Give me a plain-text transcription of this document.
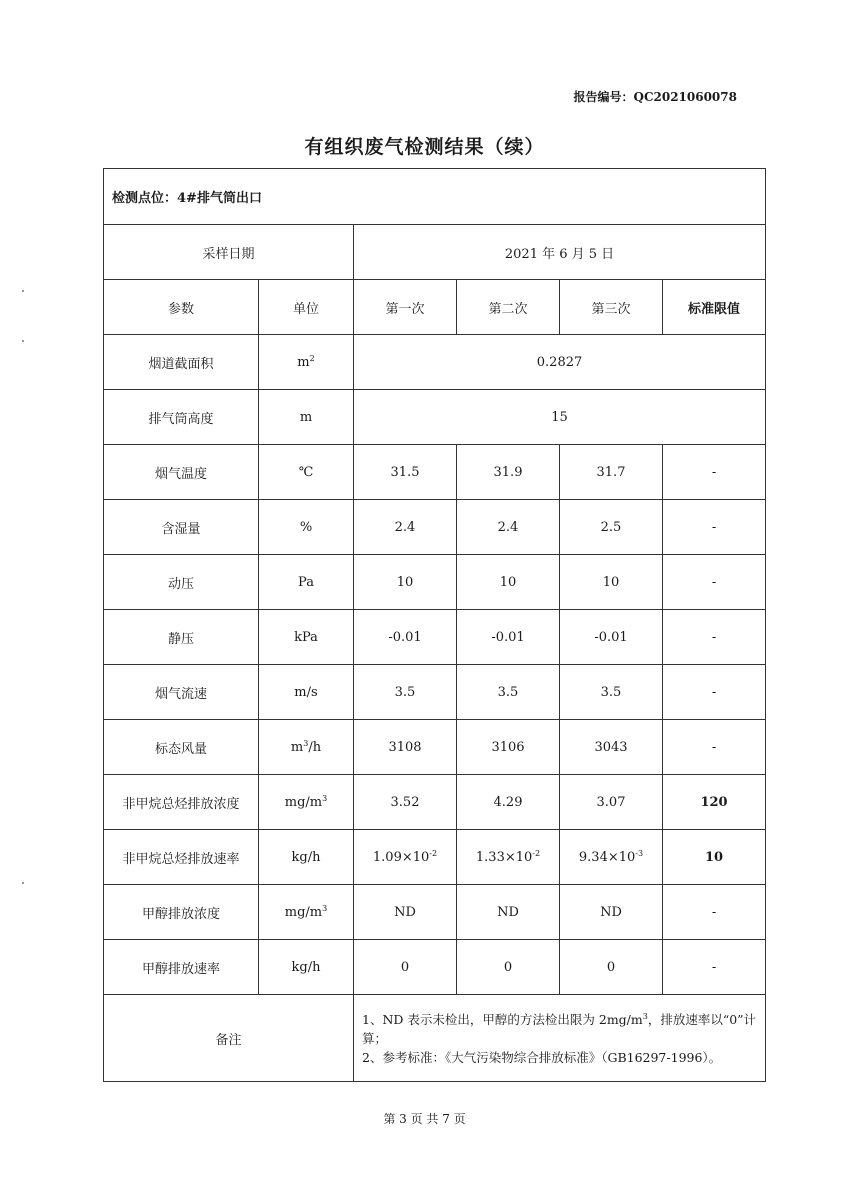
报告编号：QC2021060078
有组织废气检测结果（续）
检测点位：4#排气筒出口					
采样日期		2021 年 6 月 5 日			
参数	单位	第一次	第二次	第三次	标准限值
烟道截面积	$m^2$	0.2827			
排气筒高度	m	15			
烟气温度	℃	31.5	31.9	31.7	-
含湿量	%	2.4	2.4	2.5	-
动压	Pa	10	10	10	-
静压	kPa	-0.01	-0.01	-0.01	-
烟气流速	m/s	3.5	3.5	3.5	-
标态风量	$m^3/h$	3108	3106	3043	-
非甲烷总烃排放浓度	$mg/m^3$	3.52	4.29	3.07	120
非甲烷总烃排放速率	kg/h	$1.09\times 10^{-2}$	$1.33\times 10^{-2}$	$9.34\times 10^{-3}$	10
甲醇排放浓度	$mg/m^3$	ND	ND	ND	-
甲醇排放速率	kg/h	0	0	0	-
备注		1、ND 表示未检出，甲醇的方法检出限为 $2mg/m^3$，排放速率以“0”计算；
2、参考标准：《大气污染物综合排放标准》（GB16297-1996）。			
第 3 页 共 7 页
